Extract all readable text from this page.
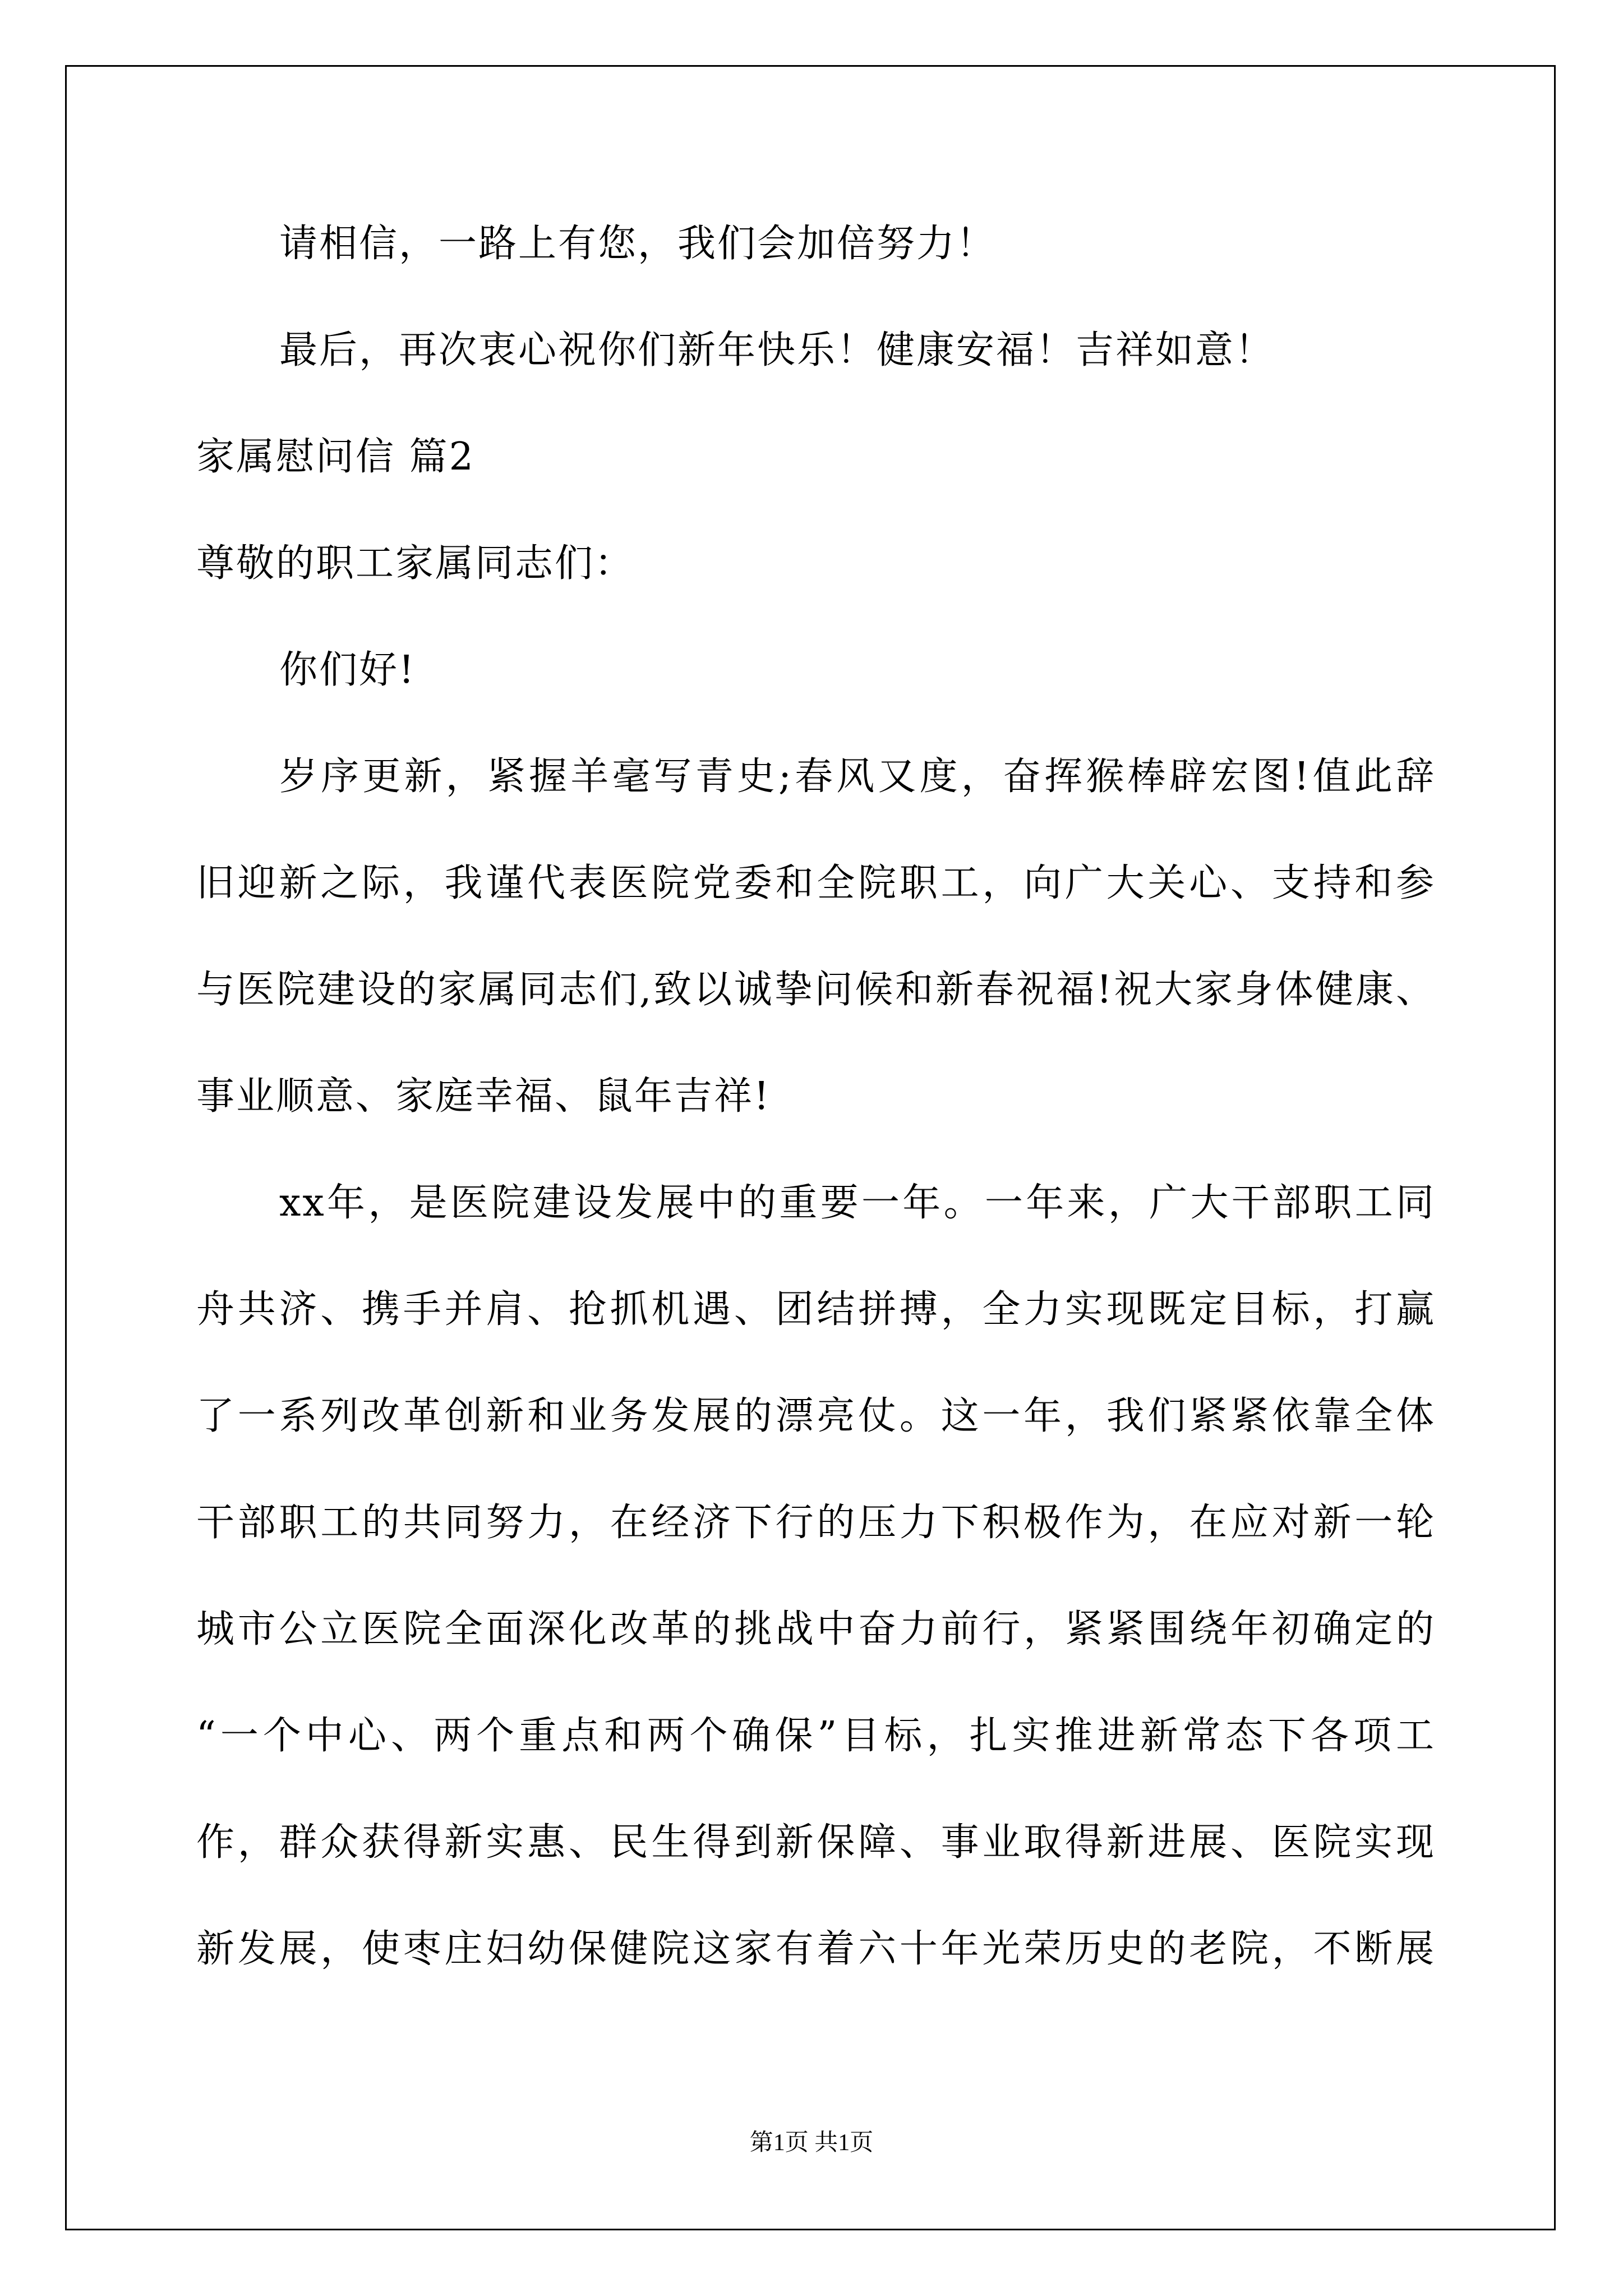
请相信，一路上有您，我们会加倍努力！
最后，再次衷心祝你们新年快乐！健康安福！吉祥如意！
家属慰问信 篇2
尊敬的职工家属同志们：
你们好!
岁序更新，紧握羊毫写青史;春风又度，奋挥猴棒辟宏图!值此辞
旧迎新之际，我谨代表医院党委和全院职工，向广大关心、支持和参
与医院建设的家属同志们,致以诚挚问候和新春祝福!祝大家身体健康、
事业顺意、家庭幸福、鼠年吉祥!
xx年，是医院建设发展中的重要一年。一年来，广大干部职工同
舟共济、携手并肩、抢抓机遇、团结拼搏，全力实现既定目标，打赢
了一系列改革创新和业务发展的漂亮仗。这一年，我们紧紧依靠全体
干部职工的共同努力，在经济下行的压力下积极作为，在应对新一轮
城市公立医院全面深化改革的挑战中奋力前行，紧紧围绕年初确定的
“一个中心、两个重点和两个确保”目标，扎实推进新常态下各项工
作，群众获得新实惠、民生得到新保障、事业取得新进展、医院实现
新发展，使枣庄妇幼保健院这家有着六十年光荣历史的老院，不断展
第1页 共1页
